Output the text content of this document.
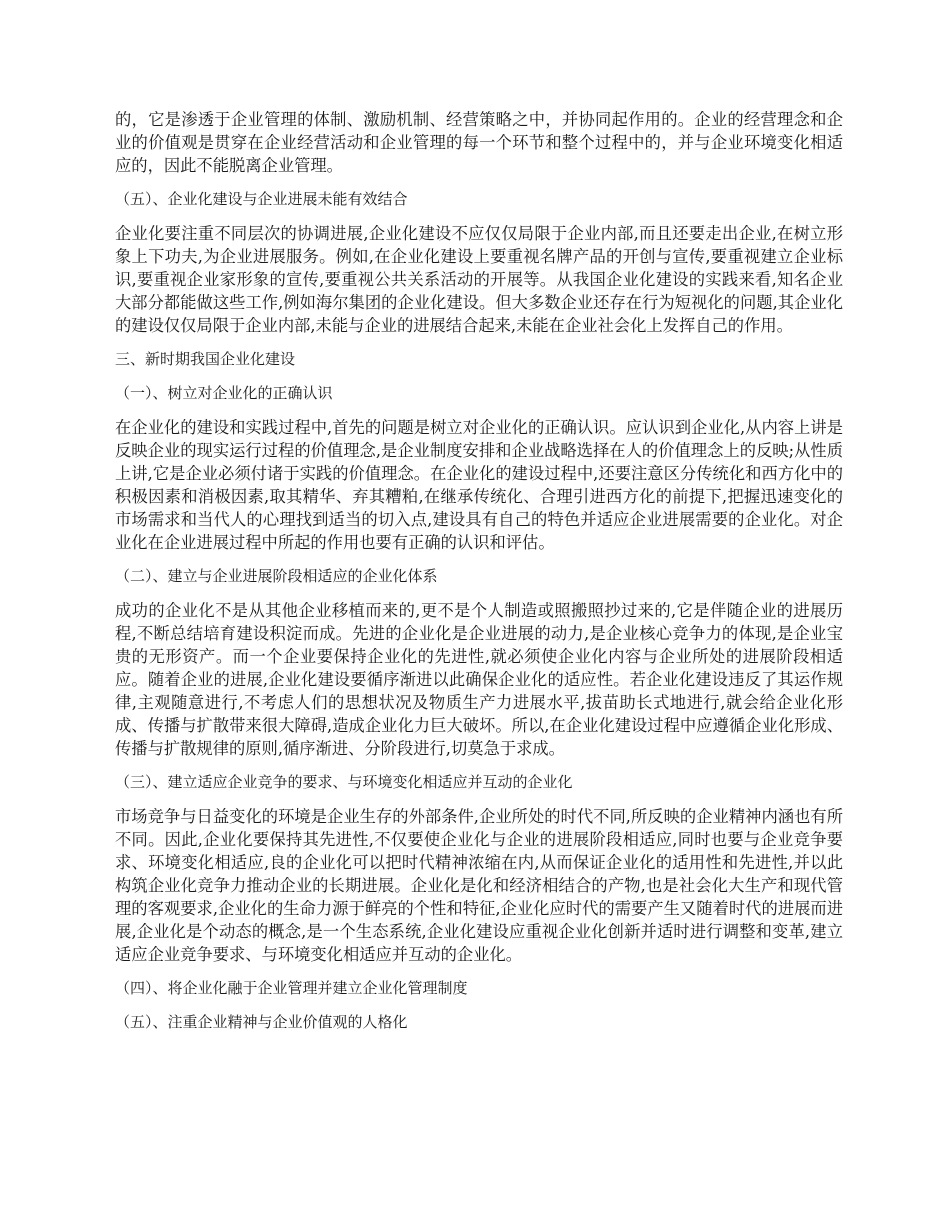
的，它是渗透于企业管理的体制、激励机制、经营策略之中，并协同起作用的。企业的经营理念和企业的价值观是贯穿在企业经营活动和企业管理的每一个环节和整个过程中的，并与企业环境变化相适应的，因此不能脱离企业管理。

（五）、企业化建设与企业进展未能有效结合

企业化要注重不同层次的协调进展,企业化建设不应仅仅局限于企业内部,而且还要走出企业,在树立形象上下功夫,为企业进展服务。例如,在企业化建设上要重视名牌产品的开创与宣传,要重视建立企业标识,要重视企业家形象的宣传,要重视公共关系活动的开展等。从我国企业化建设的实践来看,知名企业大部分都能做这些工作,例如海尔集团的企业化建设。但大多数企业还存在行为短视化的问题,其企业化的建设仅仅局限于企业内部,未能与企业的进展结合起来,未能在企业社会化上发挥自己的作用。

三、新时期我国企业化建设

（一）、树立对企业化的正确认识

在企业化的建设和实践过程中,首先的问题是树立对企业化的正确认识。应认识到企业化,从内容上讲是反映企业的现实运行过程的价值理念,是企业制度安排和企业战略选择在人的价值理念上的反映;从性质上讲,它是企业必须付诸于实践的价值理念。在企业化的建设过程中,还要注意区分传统化和西方化中的积极因素和消极因素,取其精华、弃其糟粕,在继承传统化、合理引进西方化的前提下,把握迅速变化的市场需求和当代人的心理找到适当的切入点,建设具有自己的特色并适应企业进展需要的企业化。对企业化在企业进展过程中所起的作用也要有正确的认识和评估。

（二）、建立与企业进展阶段相适应的企业化体系

成功的企业化不是从其他企业移植而来的,更不是个人制造或照搬照抄过来的,它是伴随企业的进展历程,不断总结培育建设积淀而成。先进的企业化是企业进展的动力,是企业核心竞争力的体现,是企业宝贵的无形资产。而一个企业要保持企业化的先进性,就必须使企业化内容与企业所处的进展阶段相适应。随着企业的进展,企业化建设要循序渐进以此确保企业化的适应性。若企业化建设违反了其运作规律,主观随意进行,不考虑人们的思想状况及物质生产力进展水平,拔苗助长式地进行,就会给企业化形成、传播与扩散带来很大障碍,造成企业化力巨大破坏。所以,在企业化建设过程中应遵循企业化形成、传播与扩散规律的原则,循序渐进、分阶段进行,切莫急于求成。

（三）、建立适应企业竞争的要求、与环境变化相适应并互动的企业化

市场竞争与日益变化的环境是企业生存的外部条件,企业所处的时代不同,所反映的企业精神内涵也有所不同。因此,企业化要保持其先进性,不仅要使企业化与企业的进展阶段相适应,同时也要与企业竞争要求、环境变化相适应,良的企业化可以把时代精神浓缩在内,从而保证企业化的适用性和先进性,并以此构筑企业化竞争力推动企业的长期进展。企业化是化和经济相结合的产物,也是社会化大生产和现代管理的客观要求,企业化的生命力源于鲜亮的个性和特征,企业化应时代的需要产生又随着时代的进展而进展,企业化是个动态的概念,是一个生态系统,企业化建设应重视企业化创新并适时进行调整和变革,建立适应企业竞争要求、与环境变化相适应并互动的企业化。

（四）、将企业化融于企业管理并建立企业化管理制度

（五）、注重企业精神与企业价值观的人格化
